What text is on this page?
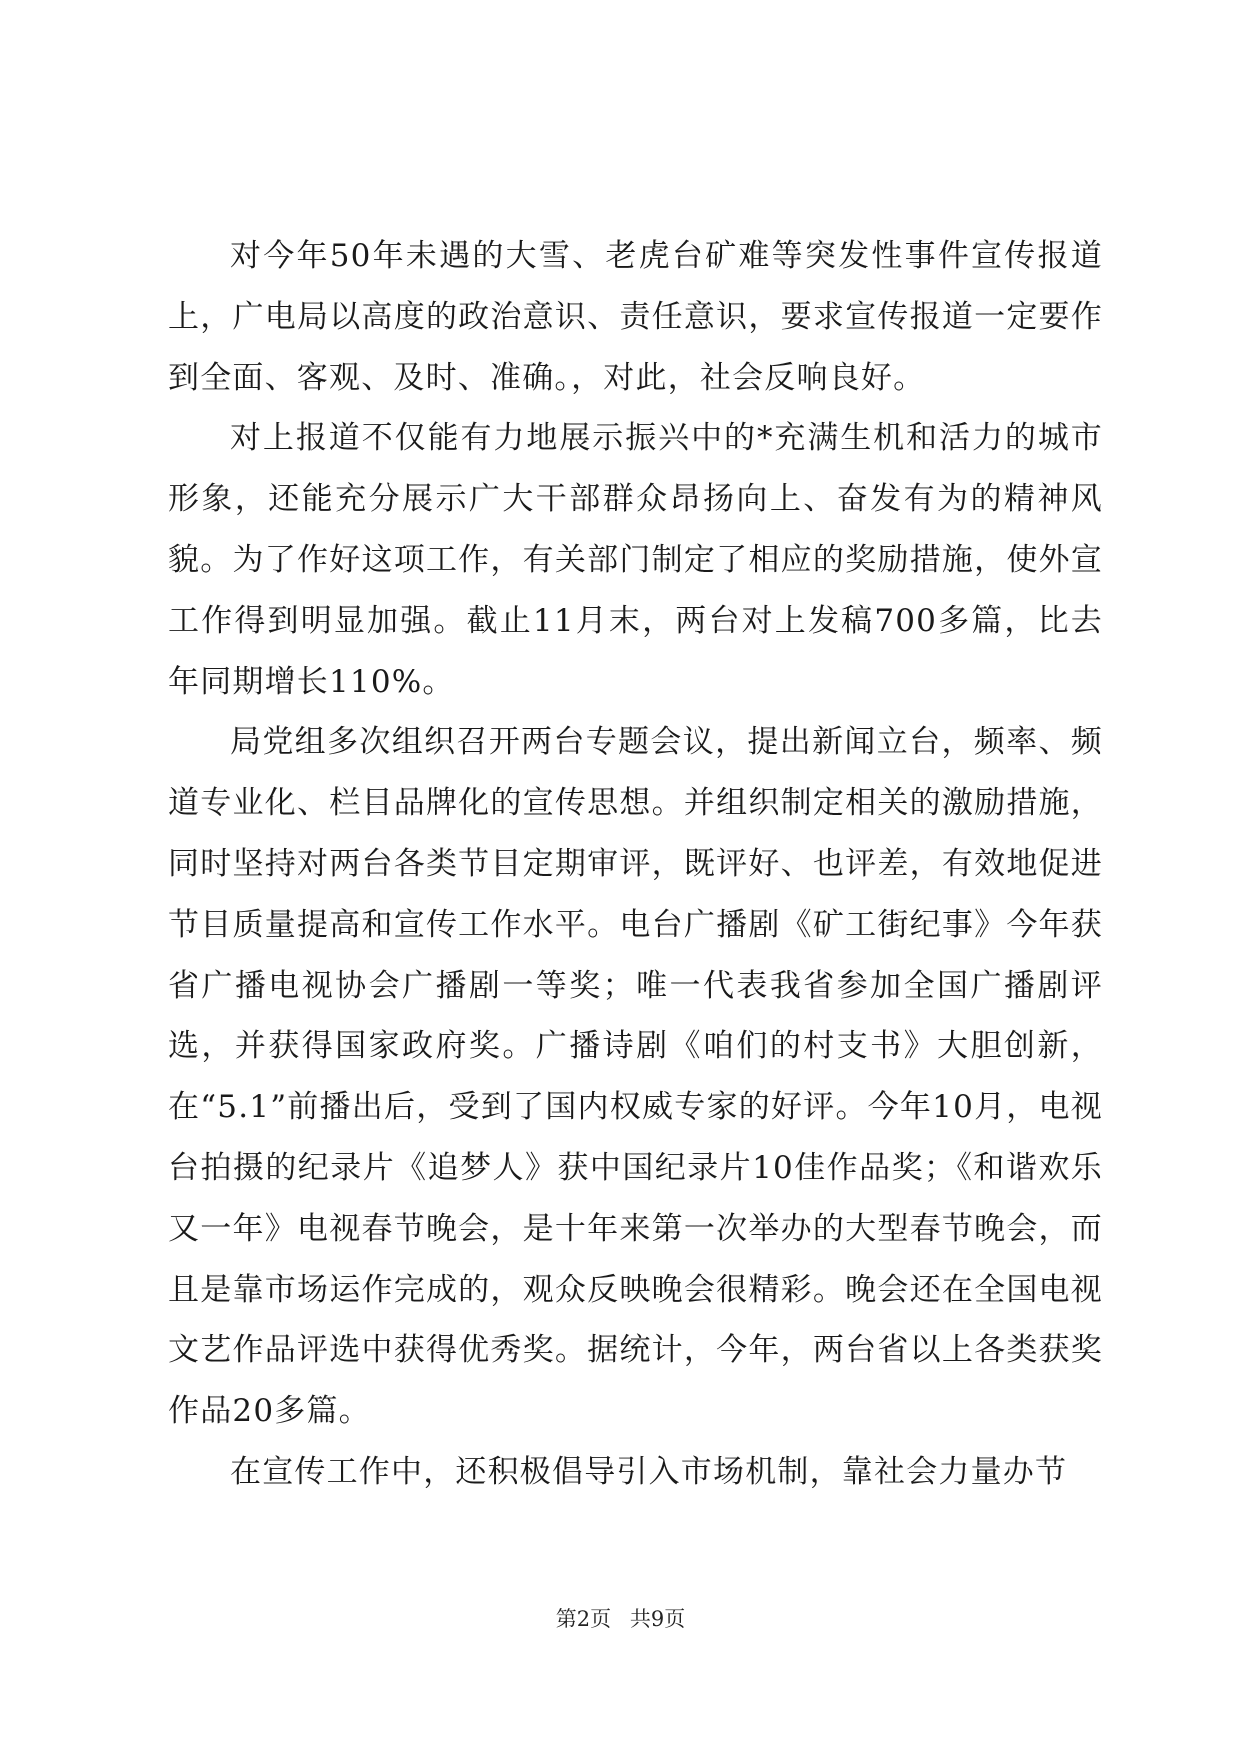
对今年50年未遇的大雪、老虎台矿难等突发性事件宣传报道上，广电局以高度的政治意识、责任意识，要求宣传报道一定要作到全面、客观、及时、准确。，对此，社会反响良好。

对上报道不仅能有力地展示振兴中的*充满生机和活力的城市形象，还能充分展示广大干部群众昂扬向上、奋发有为的精神风貌。为了作好这项工作，有关部门制定了相应的奖励措施，使外宣工作得到明显加强。截止11月末，两台对上发稿700多篇，比去年同期增长110%。

局党组多次组织召开两台专题会议，提出新闻立台，频率、频道专业化、栏目品牌化的宣传思想。并组织制定相关的激励措施，同时坚持对两台各类节目定期审评，既评好、也评差，有效地促进节目质量提高和宣传工作水平。电台广播剧《矿工街纪事》今年获省广播电视协会广播剧一等奖；唯一代表我省参加全国广播剧评选，并获得国家政府奖。广播诗剧《咱们的村支书》大胆创新，在“5.1”前播出后，受到了国内权威专家的好评。今年10月，电视台拍摄的纪录片《追梦人》获中国纪录片10佳作品奖；《和谐欢乐又一年》电视春节晚会，是十年来第一次举办的大型春节晚会，而且是靠市场运作完成的，观众反映晚会很精彩。晚会还在全国电视文艺作品评选中获得优秀奖。据统计，今年，两台省以上各类获奖作品20多篇。

在宣传工作中，还积极倡导引入市场机制，靠社会力量办节

第2页 共9页
